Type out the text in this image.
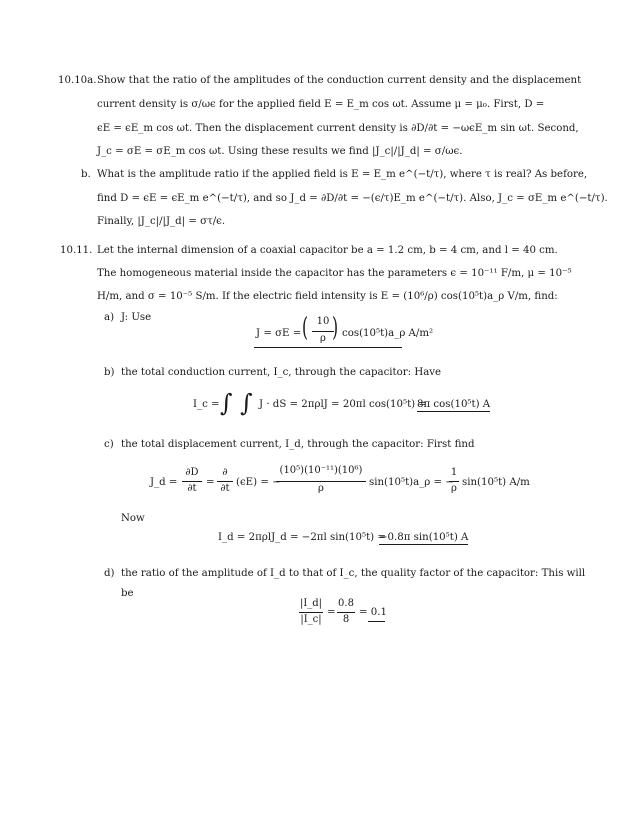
10.10a. Show that the ratio of the amplitudes of the conduction current density and the displacement
current density is σ/ωϵ for the applied field E = E_m cos ωt. Assume μ = μ₀. First, D =
ϵE = ϵE_m cos ωt. Then the displacement current density is ∂D/∂t = −ωϵE_m sin ωt. Second,
J_c = σE = σE_m cos ωt. Using these results we find |J_c|/|J_d| = σ/ωϵ.
b. What is the amplitude ratio if the applied field is E = E_m e^(−t/τ), where τ is real? As before,
find D = ϵE = ϵE_m e^(−t/τ), and so J_d = ∂D/∂t = −(ϵ/τ)E_m e^(−t/τ). Also, J_c = σE_m e^(−t/τ).
Finally, |J_c|/|J_d| = στ/ϵ.
10.11. Let the internal dimension of a coaxial capacitor be a = 1.2 cm, b = 4 cm, and l = 40 cm.
The homogeneous material inside the capacitor has the parameters ϵ = 10⁻¹¹ F/m, μ = 10⁻⁵
H/m, and σ = 10⁻⁵ S/m. If the electric field intensity is E = (10⁶/ρ) cos(10⁵t)a_ρ V/m, find:
a) J: Use
J = σE = ( 10
ρ ) cos(10⁵t)a_ρ A/m²
b) the total conduction current, I_c, through the capacitor: Have
I_c = ∫ ∫ J · dS = 2πρlJ = 20πl cos(10⁵t) =
8π cos(10⁵t) A
c) the total displacement current, I_d, through the capacitor: First find
J_d =
∂D
∂t
=
∂
∂t
(ϵE) = −
(10⁵)(10⁻¹¹)(10⁶)
ρ
sin(10⁵t)a_ρ = −
1
ρ
sin(10⁵t) A/m
Now
I_d = 2πρlJ_d = −2πl sin(10⁵t) =
−0.8π sin(10⁵t) A
d) the ratio of the amplitude of I_d to that of I_c, the quality factor of the capacitor: This will
be
|I_d|
|I_c|
=
0.8
8
= 0.1
